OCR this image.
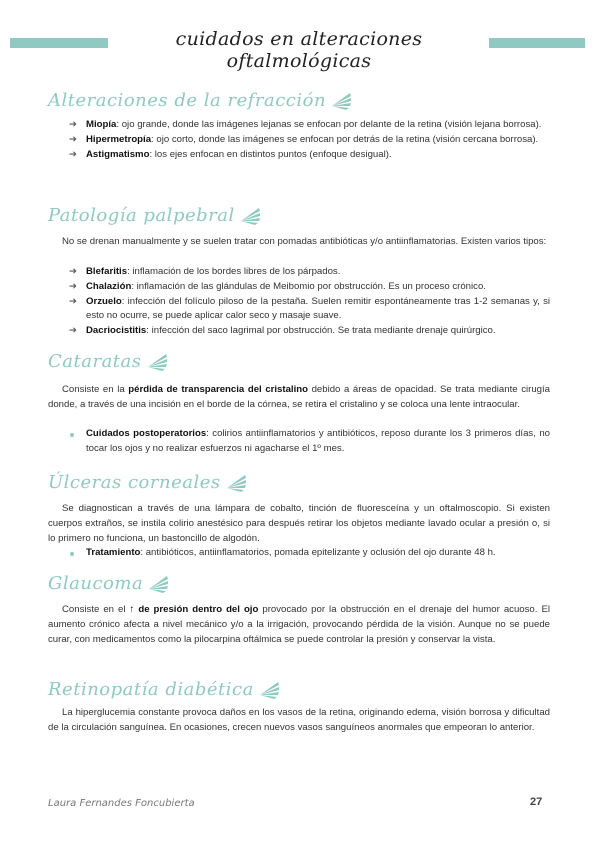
cuidados en alteraciones oftalmológicas
Alteraciones de la refracción
➔ Miopía: ojo grande, donde las imágenes lejanas se enfocan por delante de la retina (visión lejana borrosa).
➔ Hipermetropía: ojo corto, donde las imágenes se enfocan por detrás de la retina (visión cercana borrosa).
➔ Astigmatismo: los ejes enfocan en distintos puntos (enfoque desigual).
Patología palpebral

No se drenan manualmente y se suelen tratar con pomadas antibióticas y/o antiinflamatorias. Existen varios tipos:

➔ Blefaritis: inflamación de los bordes libres de los párpados.
➔ Chalazión: inflamación de las glándulas de Meibomio por obstrucción. Es un proceso crónico.
➔ Orzuelo: infección del folículo piloso de la pestaña. Suelen remitir espontáneamente tras 1-2 semanas y, si esto no ocurre, se puede aplicar calor seco y masaje suave.
➔ Dacriocistitis: infección del saco lagrimal por obstrucción. Se trata mediante drenaje quirúrgico.
Cataratas

Consiste en la pérdida de transparencia del cristalino debido a áreas de opacidad. Se trata mediante cirugía donde, a través de una incisión en el borde de la córnea, se retira el cristalino y se coloca una lente intraocular.

Cuidados postoperatorios: colirios antiinflamatorios y antibióticos, reposo durante los 3 primeros días, no tocar los ojos y no realizar esfuerzos ni agacharse el 1º mes.
Úlceras corneales

Se diagnostican a través de una lámpara de cobalto, tinción de fluoresceína y un oftalmoscopio. Si existen cuerpos extraños, se instila colirio anestésico para después retirar los objetos mediante lavado ocular a presión o, si lo primero no funciona, un bastoncillo de algodón.

Tratamiento: antibióticos, antiinflamatorios, pomada epitelizante y oclusión del ojo durante 48 h.
Glaucoma

Consiste en el ↑ de presión dentro del ojo provocado por la obstrucción en el drenaje del humor acuoso. El aumento crónico afecta a nivel mecánico y/o a la irrigación, provocando pérdida de la visión. Aunque no se puede curar, con medicamentos como la pilocarpina oftálmica se puede controlar la presión y conservar la vista.

Retinopatía diabética

La hiperglucemia constante provoca daños en los vasos de la retina, originando edema, visión borrosa y dificultad de la circulación sanguínea. En ocasiones, crecen nuevos vasos sanguíneos anormales que empeoran lo anterior.

Laura Fernandes Foncubierta	27
